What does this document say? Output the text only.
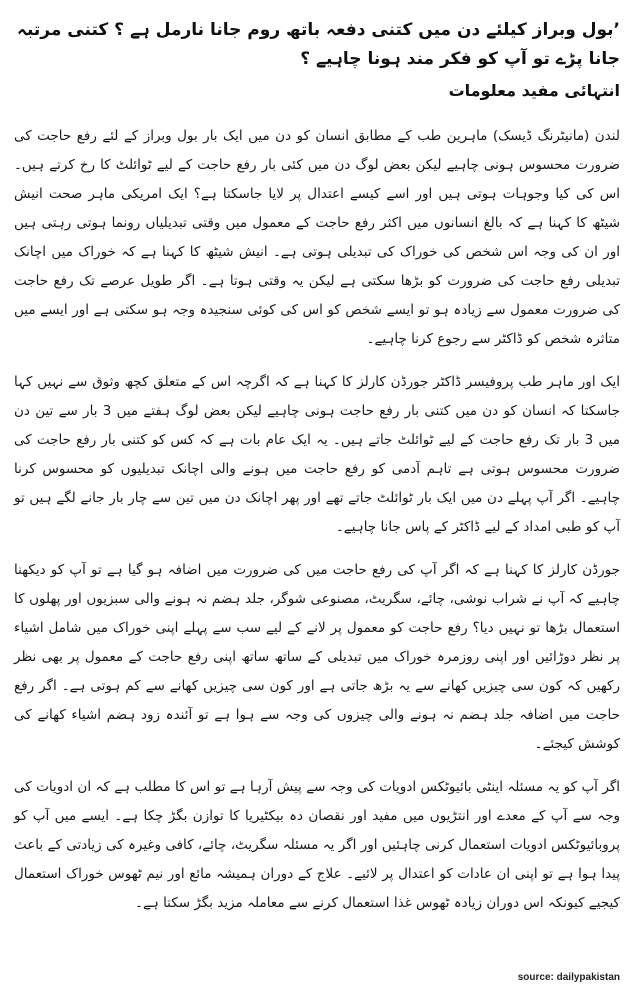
’بول وبراز کیلئے دن میں کتنی دفعہ باتھ روم جانا نارمل ہے ؟ کتنی مرتبہ جانا پڑے تو آپ کو فکر مند ہونا چاہیے ؟
انتہائی مفید معلومات

لندن (مانیٹرنگ ڈیسک) ماہرین طب کے مطابق انسان کو دن میں ایک بار بول وبراز کے لئے رفع حاجت کی ضرورت محسوس ہونی چاہیے لیکن بعض لوگ دن میں کئی بار رفع حاجت کے لیے ٹوائلٹ کا رخ کرتے ہیں۔ اس کی کیا وجوہات ہوتی ہیں اور اسے کیسے اعتدال پر لایا جاسکتا ہے؟ ایک امریکی ماہر صحت انیش شیٹھ کا کہنا ہے کہ بالغ انسانوں میں اکثر رفع حاجت کے معمول میں وقتی تبدیلیاں رونما ہوتی رہتی ہیں اور ان کی وجہ اس شخص کی خوراک کی تبدیلی ہوتی ہے۔ انیش شیٹھ کا کہنا ہے کہ خوراک میں اچانک تبدیلی رفع حاجت کی ضرورت کو بڑھا سکتی ہے لیکن یہ وقتی ہوتا ہے۔ اگر طویل عرصے تک رفع حاجت کی ضرورت معمول سے زیادہ ہو تو ایسے شخص کو اس کی کوئی سنجیدہ وجہ ہو سکتی ہے اور ایسے میں متاثرہ شخص کو ڈاکٹر سے رجوع کرنا چاہیے۔

ایک اور ماہر طب پروفیسر ڈاکٹر جورڈن کارلز کا کہنا ہے کہ اگرچہ اس کے متعلق کچھ وثوق سے نہیں کہا جاسکتا کہ انسان کو دن میں کتنی بار رفع حاجت ہونی چاہیے لیکن بعض لوگ ہفتے میں 3 بار سے تین دن میں 3 بار تک رفع حاجت کے لیے ٹوائلٹ جاتے ہیں۔ یہ ایک عام بات ہے کہ کس کو کتنی بار رفع حاجت کی ضرورت محسوس ہوتی ہے تاہم آدمی کو رفع حاجت میں ہونے والی اچانک تبدیلیوں کو محسوس کرنا چاہیے۔ اگر آپ پہلے دن میں ایک بار ٹوائلٹ جاتے تھے اور پھر اچانک دن میں تین سے چار بار جانے لگے ہیں تو آپ کو طبی امداد کے لیے ڈاکٹر کے پاس جانا چاہیے۔

جورڈن کارلز کا کہنا ہے کہ اگر آپ کی رفع حاجت میں کی ضرورت میں اضافہ ہو گیا ہے تو آپ کو دیکھنا چاہیے کہ آپ نے شراب نوشی، چائے، سگریٹ، مصنوعی شوگر، جلد ہضم نہ ہونے والی سبزیوں اور پھلوں کا استعمال بڑھا تو نہیں دیا؟ رفع حاجت کو معمول پر لانے کے لیے سب سے پہلے اپنی خوراک میں شامل اشیاء پر نظر دوڑائیں اور اپنی روزمرہ خوراک میں تبدیلی کے ساتھ ساتھ اپنی رفع حاجت کے معمول پر بھی نظر رکھیں کہ کون سی چیزیں کھانے سے یہ بڑھ جاتی ہے اور کون سی چیزیں کھانے سے کم ہوتی ہے۔ اگر رفع حاجت میں اضافہ جلد ہضم نہ ہونے والی چیزوں کی وجہ سے ہوا ہے تو آئندہ زود ہضم اشیاء کھانے کی کوشش کیجئے۔

اگر آپ کو یہ مسئلہ اینٹی بائیوٹکس ادویات کی وجہ سے پیش آرہا ہے تو اس کا مطلب ہے کہ ان ادویات کی وجہ سے آپ کے معدے اور انتڑیوں میں مفید اور نقصان دہ بیکٹیریا کا توازن بگڑ چکا ہے۔ ایسے میں آپ کو پروبائیوٹکس ادویات استعمال کرنی چاہئیں اور اگر یہ مسئلہ سگریٹ، چائے، کافی وغیرہ کی زیادتی کے باعث پیدا ہوا ہے تو اپنی ان عادات کو اعتدال پر لائیے۔ علاج کے دوران ہمیشہ مائع اور نیم ٹھوس خوراک استعمال کیجیے کیونکہ اس دوران زیادہ ٹھوس غذا استعمال کرنے سے معاملہ مزید بگڑ سکتا ہے۔

source: dailypakistan
